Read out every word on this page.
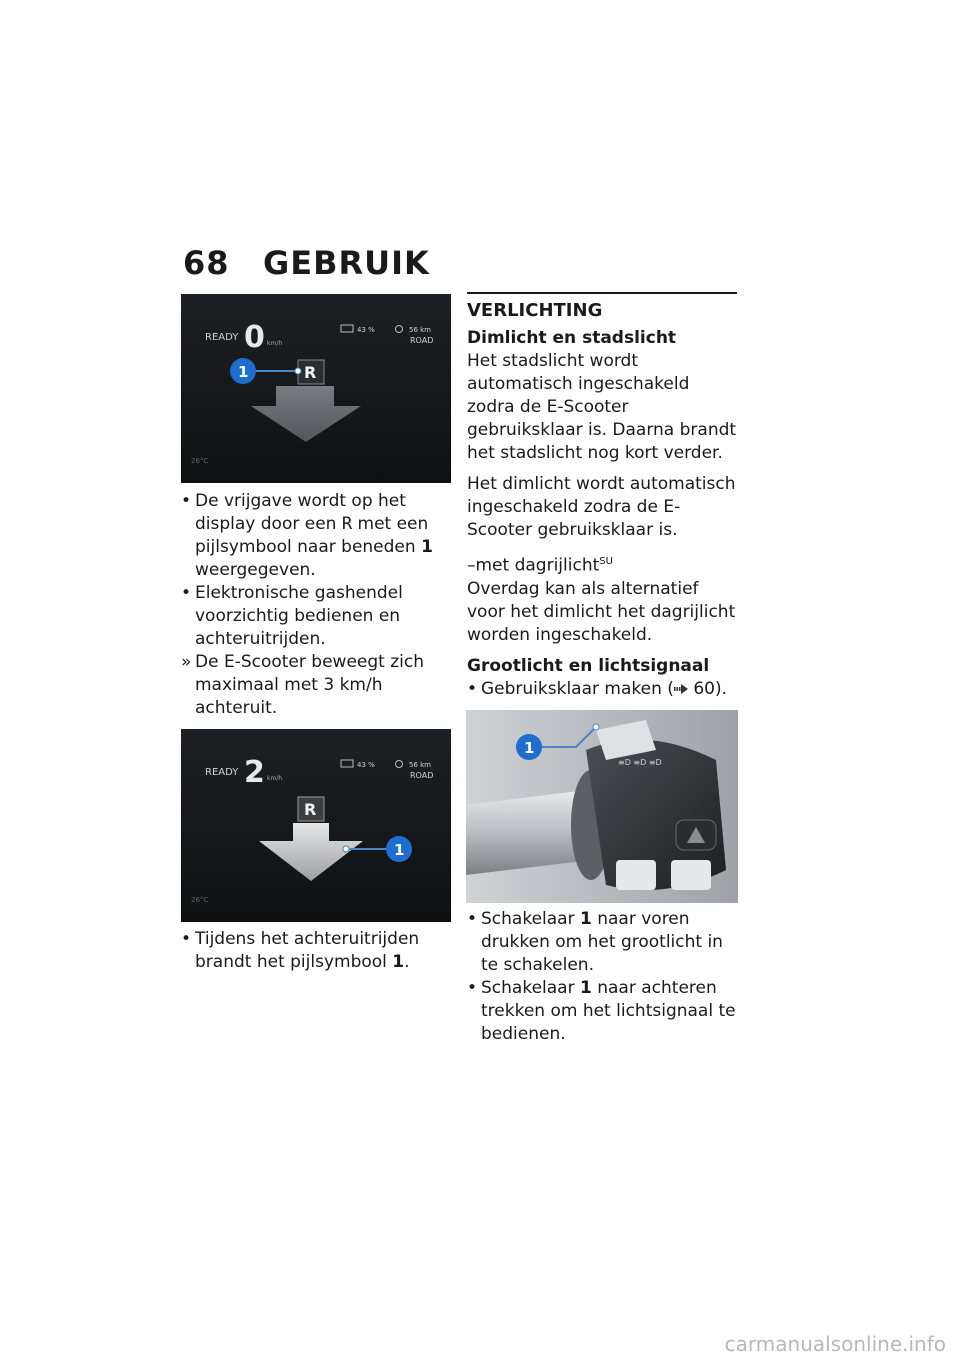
68 GEBRUIK
READY 0 km/h
43 %	56 km
ROAD
R
1
26°C
• De vrijgave wordt op het display door een R met een pijlsymbool naar beneden 1 weergegeven.
• Elektronische gashendel voorzichtig bedienen en achteruitrijden.
» De E-Scooter beweegt zich maximaal met 3 km/h achteruit.
READY 2 km/h
43 %	56 km
ROAD
R
1
26°C
• Tijdens het achteruitrijden brandt het pijlsymbool 1.
VERLICHTING
Dimlicht en stadslicht
Het stadslicht wordt automatisch ingeschakeld zodra de E-Scooter gebruiksklaar is. Daarna brandt het stadslicht nog kort verder.
Het dimlicht wordt automatisch ingeschakeld zodra de E-Scooter gebruiksklaar is.
–met dagrijlicht$^{SU}$
Overdag kan als alternatief voor het dimlicht het dagrijlicht worden ingeschakeld.
Grootlicht en lichtsignaal
• Gebruiksklaar maken ( 60).
≡D ≡D ≡D
1
• Schakelaar 1 naar voren drukken om het grootlicht in te schakelen.
• Schakelaar 1 naar achteren trekken om het lichtsignaal te bedienen.
carmanualsonline.info
